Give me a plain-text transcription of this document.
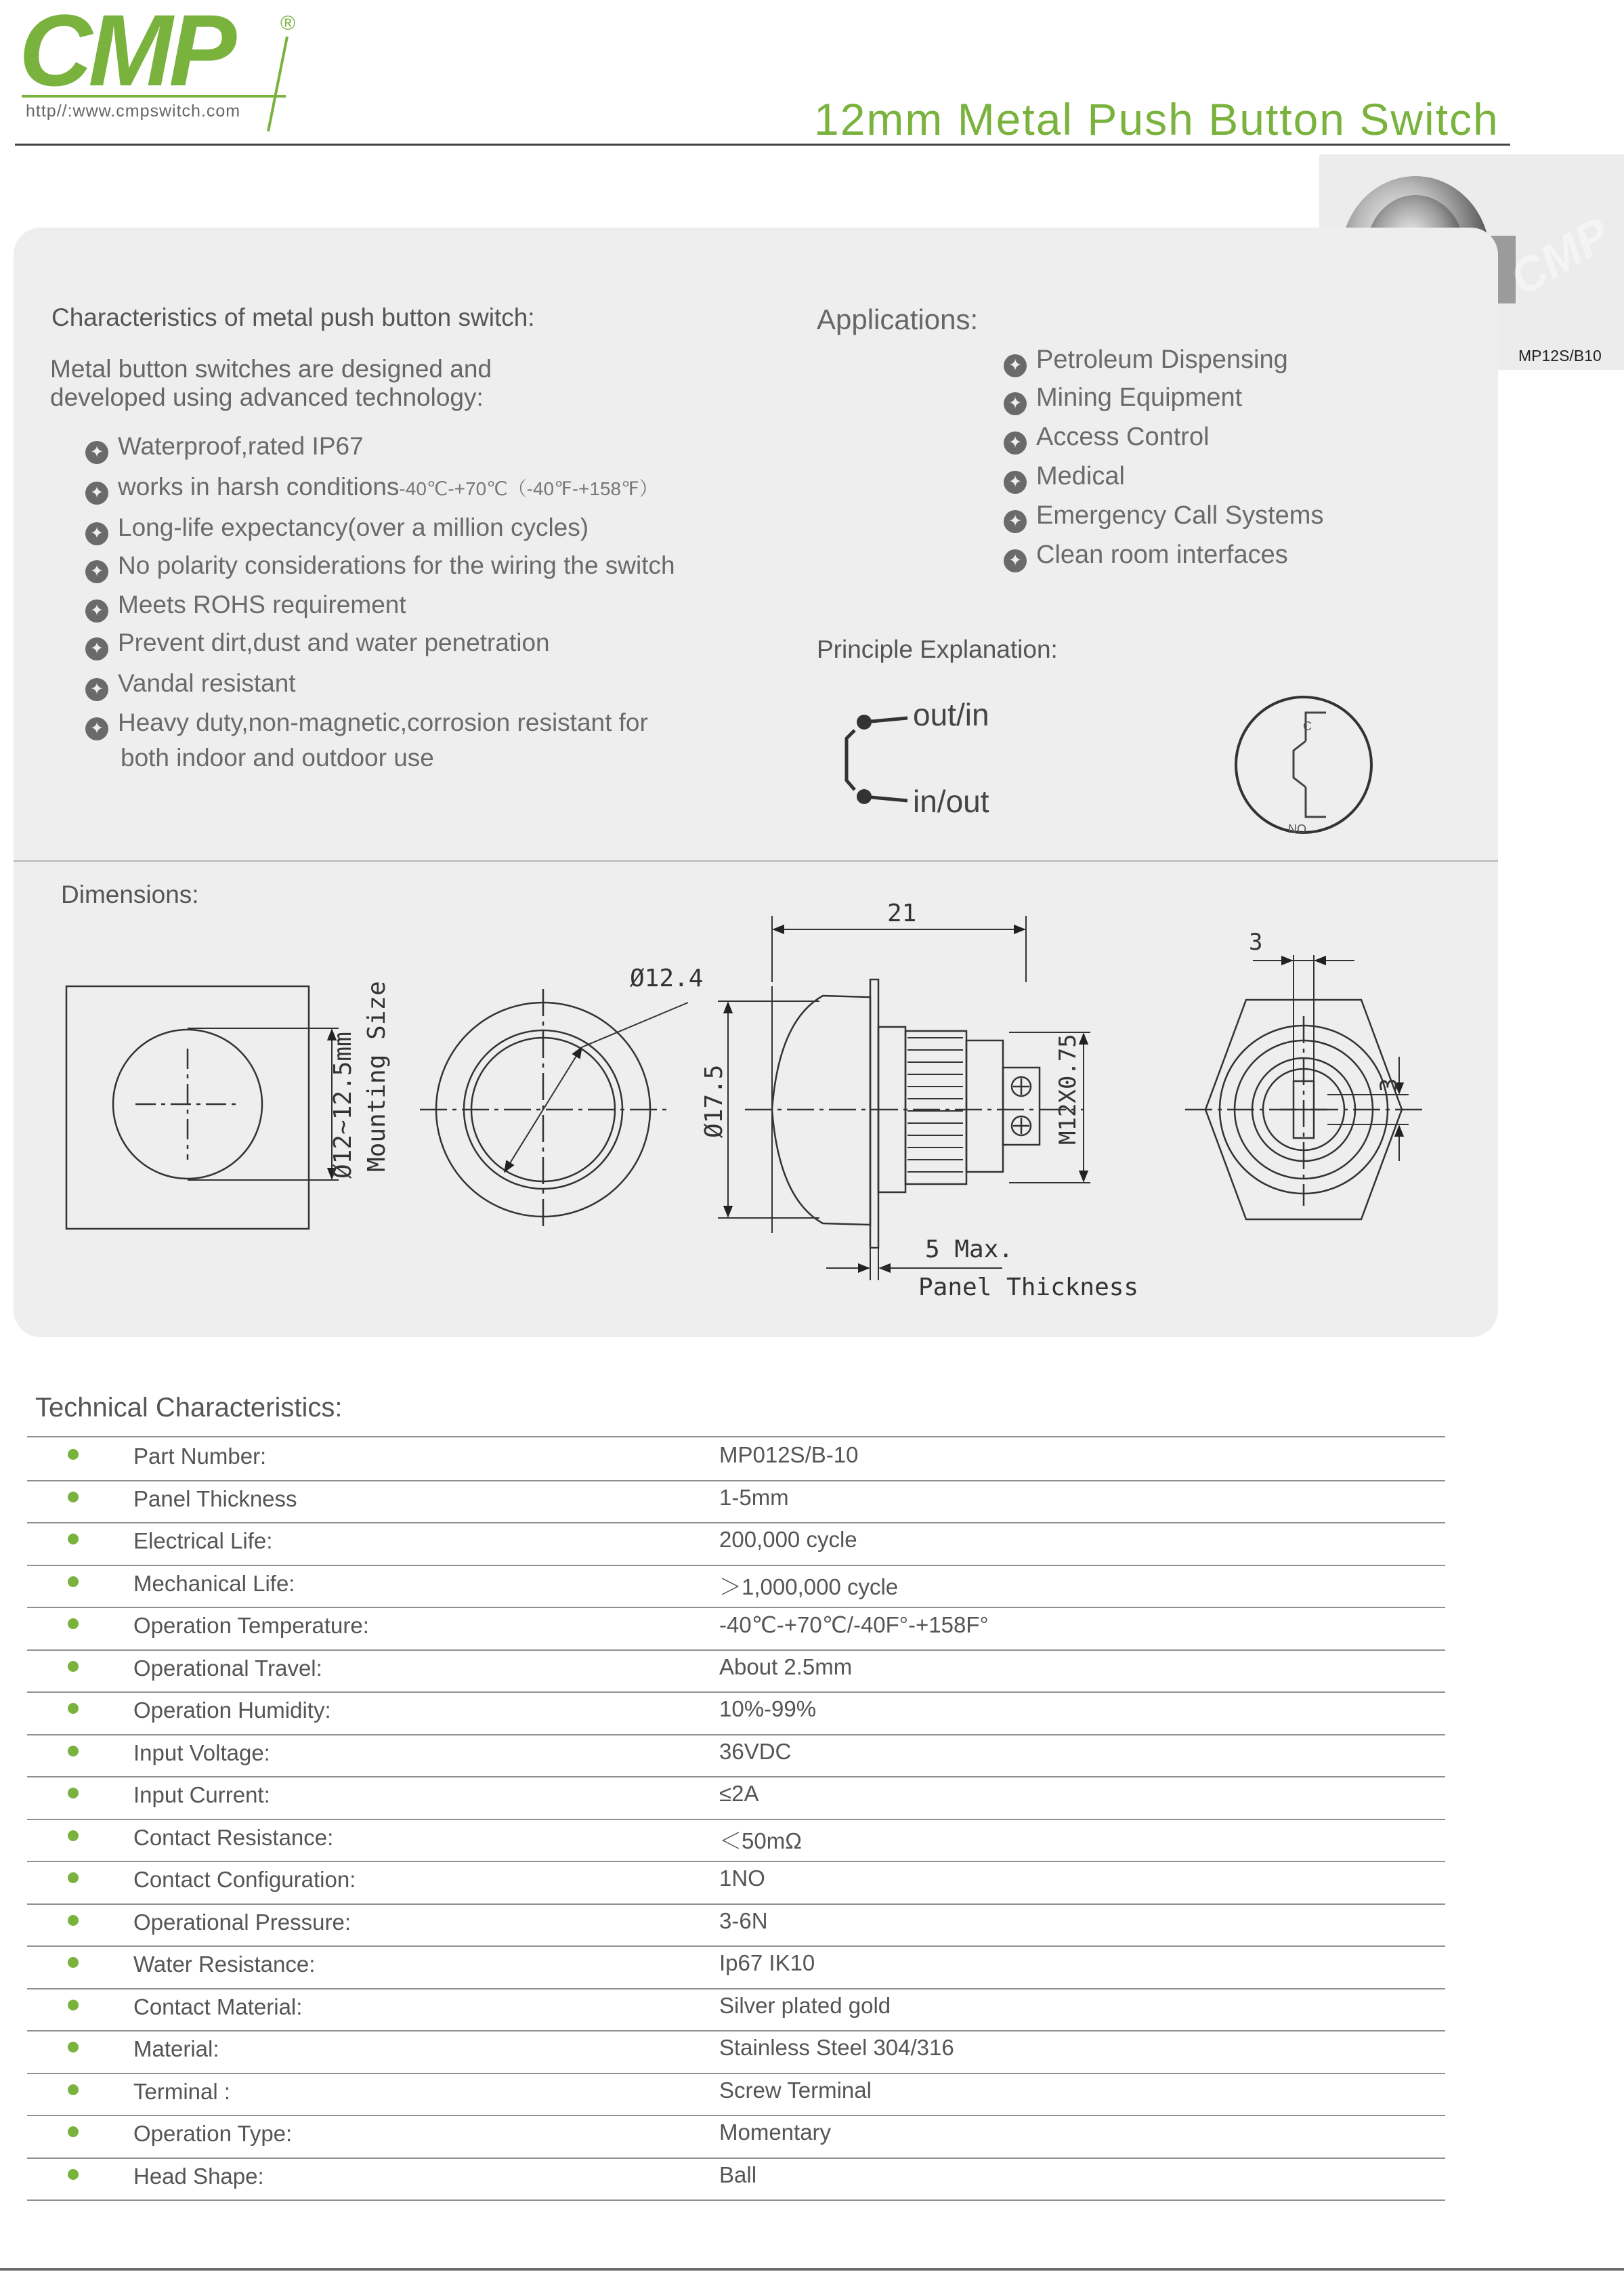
CMP ®
http//:www.cmpswitch.com	12mm Metal Push Button Switch
CMP
MP12S/B10
Characteristics of metal push button switch:
Metal button switches are designed and
developed using advanced technology:
✦ Waterproof,rated IP67
✦ works in harsh conditions -40℃-+70℃（-40℉-+158℉）
✦ Long-life expectancy(over a million cycles)
✦ No polarity considerations for the wiring the switch
✦ Meets ROHS requirement
✦ Prevent dirt,dust and water penetration
✦ Vandal resistant
✦ Heavy duty,non-magnetic,corrosion resistant for
both indoor and outdoor use
Applications:
✦ Petroleum Dispensing
✦ Mining Equipment
✦ Access Control
✦ Medical
✦ Emergency Call Systems
✦ Clean room interfaces
Principle Explanation:
out/in
in/out
C
NO
Dimensions:
Ø12~12.5mm Mounting Size
Ø12.4
21
Ø17.5	M12X0.75
5 Max.
Panel Thickness
3
3
Technical Characteristics:
Part Number:	MP012S/B-10
Panel Thickness	1-5mm
Electrical Life:	200,000 cycle
Mechanical Life:	＞1,000,000 cycle
Operation Temperature:	-40℃-+70℃/-40F°-+158F°
Operational Travel:	About 2.5mm
Operation Humidity:	10%-99%
Input Voltage:	36VDC
Input Current:	≤2A
Contact Resistance:	＜50mΩ
Contact Configuration:	1NO
Operational Pressure:	3-6N
Water Resistance:	Ip67 IK10
Contact Material:	Silver plated gold
Material:	Stainless Steel 304/316
Terminal :	Screw Terminal
Operation Type:	Momentary
Head Shape:	Ball
